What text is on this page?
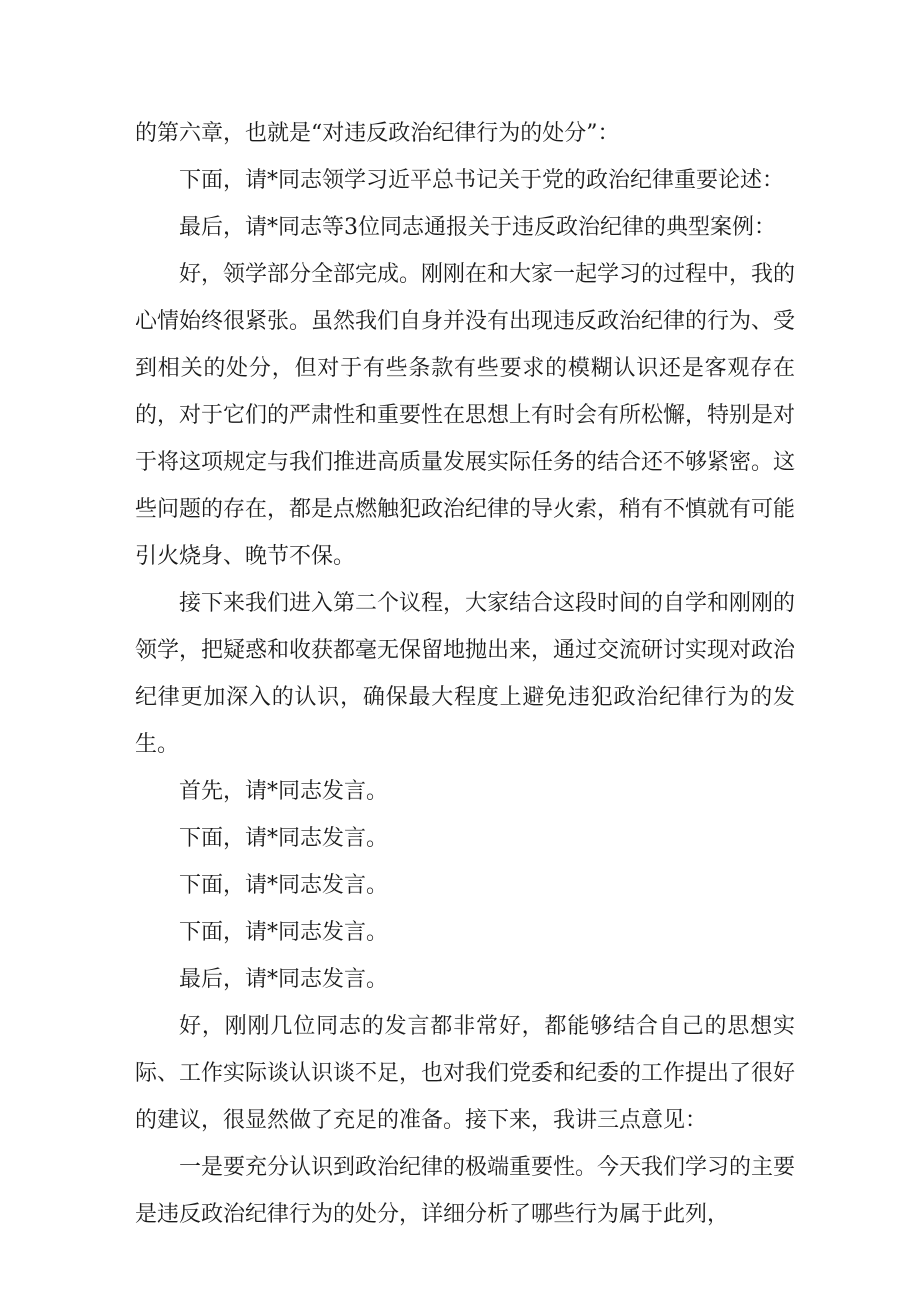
的第六章，也就是“对违反政治纪律行为的处分”：

下面，请*同志领学习近平总书记关于党的政治纪律重要论述：

最后，请*同志等3位同志通报关于违反政治纪律的典型案例：

好，领学部分全部完成。刚刚在和大家一起学习的过程中，我的心情始终很紧张。虽然我们自身并没有出现违反政治纪律的行为、受到相关的处分，但对于有些条款有些要求的模糊认识还是客观存在的，对于它们的严肃性和重要性在思想上有时会有所松懈，特别是对于将这项规定与我们推进高质量发展实际任务的结合还不够紧密。这些问题的存在，都是点燃触犯政治纪律的导火索，稍有不慎就有可能引火烧身、晚节不保。

接下来我们进入第二个议程，大家结合这段时间的自学和刚刚的领学，把疑惑和收获都毫无保留地抛出来，通过交流研讨实现对政治纪律更加深入的认识，确保最大程度上避免违犯政治纪律行为的发生。

首先，请*同志发言。

下面，请*同志发言。

下面，请*同志发言。

下面，请*同志发言。

最后，请*同志发言。

好，刚刚几位同志的发言都非常好，都能够结合自己的思想实际、工作实际谈认识谈不足，也对我们党委和纪委的工作提出了很好的建议，很显然做了充足的准备。接下来，我讲三点意见：

一是要充分认识到政治纪律的极端重要性。今天我们学习的主要是违反政治纪律行为的处分，详细分析了哪些行为属于此列，
